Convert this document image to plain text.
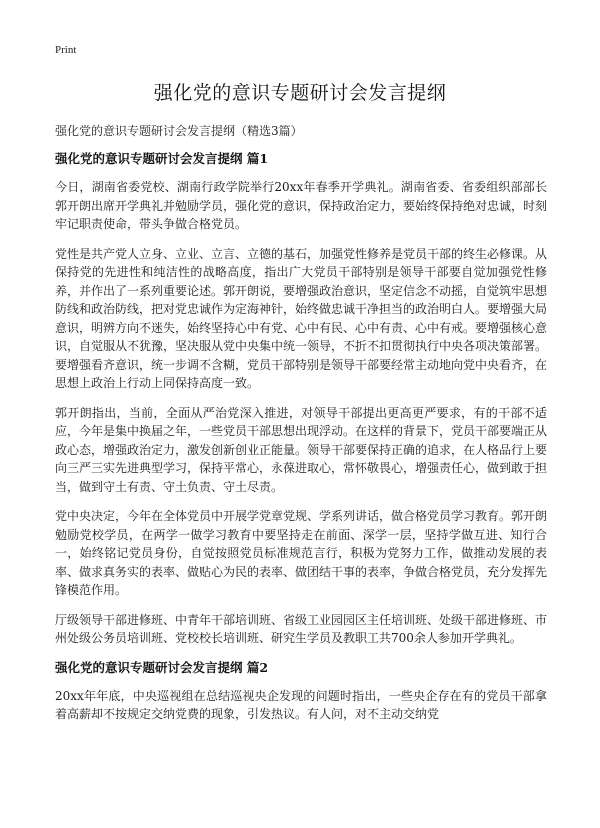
Print
强化党的意识专题研讨会发言提纲
强化党的意识专题研讨会发言提纲（精选3篇）
强化党的意识专题研讨会发言提纲 篇1

今日，湖南省委党校、湖南行政学院举行20xx年春季开学典礼。湖南省委、省委组织部部长郭开朗出席开学典礼并勉励学员，强化党的意识，保持政治定力，要始终保持绝对忠诚，时刻牢记职责使命，带头争做合格党员。

党性是共产党人立身、立业、立言、立德的基石，加强党性修养是党员干部的终生必修课。从保持党的先进性和纯洁性的战略高度，指出广大党员干部特别是领导干部要自觉加强党性修养，并作出了一系列重要论述。郭开朗说，要增强政治意识，坚定信念不动摇，自觉筑牢思想防线和政治防线，把对党忠诚作为定海神针，始终做忠诚干净担当的政治明白人。要增强大局意识，明辨方向不迷失，始终坚持心中有党、心中有民、心中有责、心中有戒。要增强核心意识，自觉服从不犹豫，坚决服从党中央集中统一领导，不折不扣贯彻执行中央各项决策部署。要增强看齐意识，统一步调不含糊，党员干部特别是领导干部要经常主动地向党中央看齐，在思想上政治上行动上同保持高度一致。

郭开朗指出，当前，全面从严治党深入推进，对领导干部提出更高更严要求，有的干部不适应，今年是集中换届之年，一些党员干部思想出现浮动。在这样的背景下，党员干部要端正从政心态，增强政治定力，激发创新创业正能量。领导干部要保持正确的追求，在人格品行上要向三严三实先进典型学习，保持平常心，永葆进取心，常怀敬畏心，增强责任心，做到敢于担当，做到守土有责、守土负责、守土尽责。

党中央决定，今年在全体党员中开展学党章党规、学系列讲话，做合格党员学习教育。郭开朗勉励党校学员，在两学一做学习教育中要坚持走在前面、深学一层，坚持学做互进、知行合一，始终铭记党员身份，自觉按照党员标准规范言行，积极为党努力工作，做推动发展的表率、做求真务实的表率、做贴心为民的表率、做团结干事的表率，争做合格党员，充分发挥先锋模范作用。

厅级领导干部进修班、中青年干部培训班、省级工业园园区主任培训班、处级干部进修班、市州处级公务员培训班、党校校长培训班、研究生学员及教职工共700余人参加开学典礼。

强化党的意识专题研讨会发言提纲 篇2

20xx年年底，中央巡视组在总结巡视央企发现的问题时指出，一些央企存在有的党员干部拿着高薪却不按规定交纳党费的现象，引发热议。有人问，对不主动交纳党
